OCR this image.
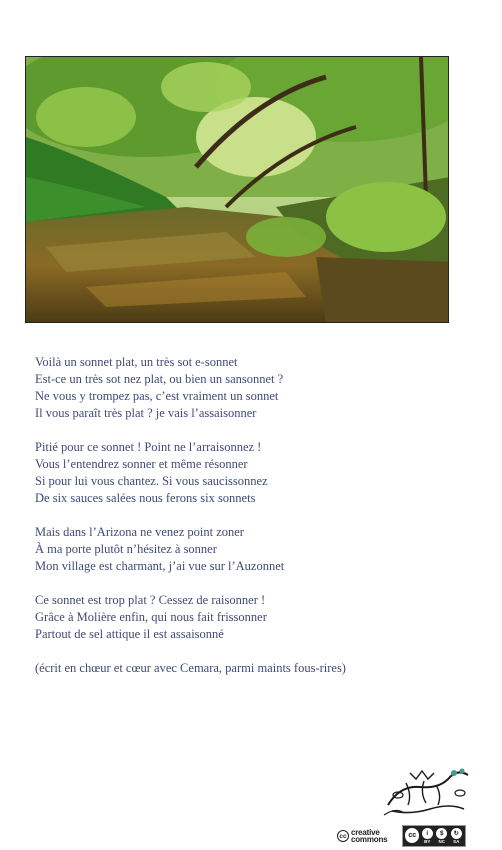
Voilà un sonnet plat, un très sot e-sonnet
Est-ce un très sot nez plat, ou bien un sansonnet ?
Ne vous y trompez pas, c’est vraiment un sonnet
Il vous paraît très plat ? je vais l’assaisonner
Pitié pour ce sonnet ! Point ne l’arraisonnez !
Vous l’entendrez sonner et même résonner
Si pour lui vous chantez. Si vous saucissonnez
De six sauces salées nous ferons six sonnets
Mais dans l’Arizona ne venez point zoner
À ma porte plutôt n’hésitez à sonner
Mon village est charmant, j’ai vue sur l’Auzonnet
Ce sonnet est trop plat ? Cessez de raisonner !
Grâce à Molière enfin, qui nous fait frissonner
Partout de sel attique il est assaisonné
(écrit en chœur et cœur avec Cemara, parmi maints fous-rires)
cc creative
commons	cc	i
BY
$
NC
↻
SA
